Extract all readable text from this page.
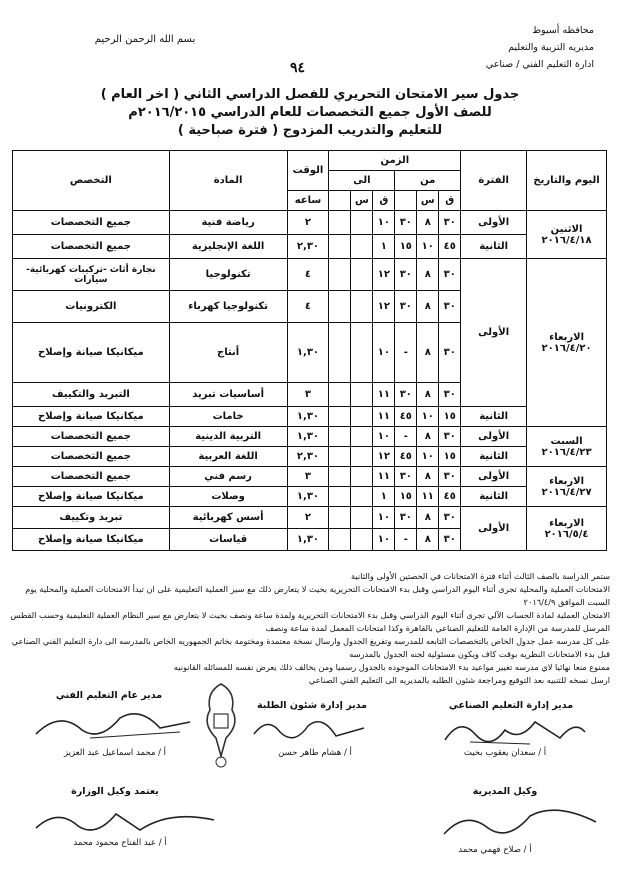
محافظه أسيوط
مديريه التربية والتعليم
ادارة التعليم الفني / صناعي
بسم الله الرحمن الرحيم
٩٤
جدول سير الامتحان التحريري للفصل الدراسي الثاني ( اخر العام )
للصف الأول جميع التخصصات للعام الدراسي ٢٠١٦/٢٠١٥م
للتعليم والتدريب المزدوج ( فترة صباحية )
اليوم والتاريخ	الفترة	الزمن						الوقت	المادة	التخصص
		من			الى					
		ق	س		ق	س		ساعه		
الاثنين ٢٠١٦/٤/١٨	الأولى	٣٠	٨	٣٠	١٠			٢	رياضة فنية	جميع التخصصات
	الثانية	٤٥	١٠	١٥	١			٢,٣٠	اللغة الإنجليزية	جميع التخصصات
الاربعاء ٢٠١٦/٤/٢٠	الأولى	٣٠	٨	٣٠	١٢			٤	تكنولوجيا	نجارة أثاث -تركيبات كهربائية- سيارات
		٣٠	٨	٣٠	١٢			٤	تكنولوجيا كهرباء	الكترونيات
		٣٠	٨	-	١٠			١,٣٠	أنتاج	ميكانيكا صيانة وإصلاح
		٣٠	٨	٣٠	١١			٣	أساسيات تبريد	التبريد والتكييف
	الثانية	١٥	١٠	٤٥	١١			١,٣٠	خامات	ميكانيكا صيانة وإصلاح
السبت ٢٠١٦/٤/٢٣	الأولى	٣٠	٨	-	١٠			١,٣٠	التربية الدينية	جميع التخصصات
	الثانية	١٥	١٠	٤٥	١٢			٢,٣٠	اللغة العربية	جميع التخصصات
الاربعاء ٢٠١٦/٤/٢٧	الأولى	٣٠	٨	٣٠	١١			٣	رسم فني	جميع التخصصات
	الثانية	٤٥	١١	١٥	١			١,٣٠	وصلات	ميكانيكا صيانة وإصلاح
الاربعاء ٢٠١٦/٥/٤	الأولى	٣٠	٨	٣٠	١٠			٢	أسس كهربائية	تبريد وتكييف
		٣٠	٨	-	١٠			١,٣٠	قياسات	ميكانيكا صيانة وإصلاح

ستمر الدراسة بالصف الثالث أثناء فترة الامتحانات في الحصتين الأولى والثانية

الامتحانات العملية والمحلية تجرى أثناء اليوم الدراسي وقبل بدء الامتحانات التحريرية بحيث لا يتعارض ذلك مع سير العملية التعليمية على ان تبدأ الامتحانات العملية والمحلية يوم السبت الموافق ٢٠١٦/٤/٩

الامتحان العملية لمادة الحساب الآلي تجرى أثناء اليوم الدراسي وقبل بدء الامتحانات التحريرية ولمدة ساعة ونصف بحيث لا يتعارض مع سير النظام العملية التعليمية وحسب القطس المرسل للمدرسة من الإدارة العامة للتعليم الصناعي بالقاهرة وكذا امتحانات المعمل لمدة ساعة ونصف

على كل مدرسه عمل جدول الخاص بالتخصصات التابعه للمدرسه وتفريغ الجدول وارسال نسخة معتمدة ومختومة بخاتم الجمهوريه الخاص بالمدرسه الى دارة التعليم الفني الصناعي قبل بدء الامتحانات النظريه بوقت كاف ويكون مسئولية لجنه الجدول بالمدرسه

ممنوع منعا نهائيا لاي مدرسه تغيير مواعيد بدء الامتحانات الموجوده بالجدول رسميا ومن يخالف ذلك يعرض نفسه للمسائله القانونيه

ارسل نسخه للتنبيه بعد التوقيع ومراجعة شئون الطلبه بالمديريه الى التعليم الفني الصناعي

مدير إدارة التعليم الصناعي
مدير إدارة شئون الطلبة
مدير عام التعليم الفني
أ / سعدان يعقوب بخيت
أ / هشام طاهر حسن
أ / محمد اسماعيل عبد العزيز
وكيل المديرية
يعتمد وكيل الوزارة
أ / صلاح فهمي محمد
أ / عبد الفتاح محمود محمد
